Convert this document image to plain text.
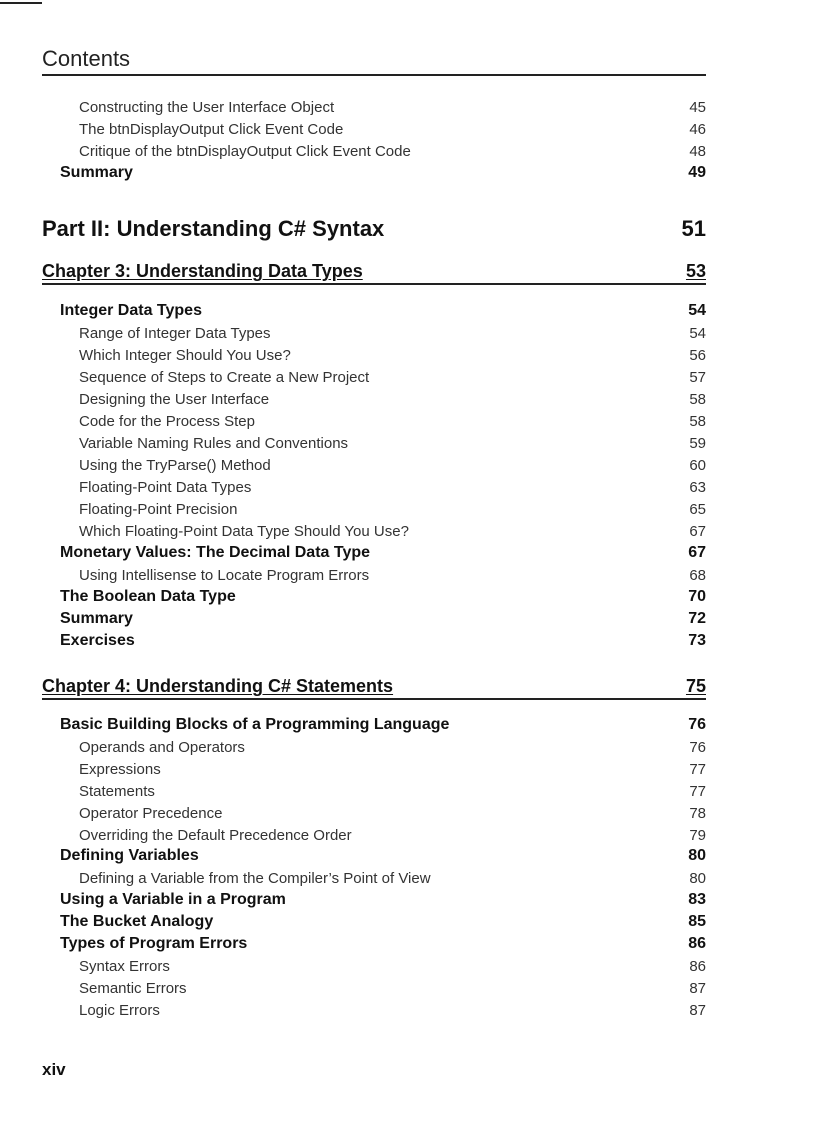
Contents
Constructing the User Interface Object	45
The btnDisplayOutput Click Event Code	46
Critique of the btnDisplayOutput Click Event Code	48
Summary	49
Part II: Understanding C# Syntax	51
Chapter 3: Understanding Data Types	53
Integer Data Types	54
Range of Integer Data Types	54
Which Integer Should You Use?	56
Sequence of Steps to Create a New Project	57
Designing the User Interface	58
Code for the Process Step	58
Variable Naming Rules and Conventions	59
Using the TryParse() Method	60
Floating-Point Data Types	63
Floating-Point Precision	65
Which Floating-Point Data Type Should You Use?	67
Monetary Values: The Decimal Data Type	67
Using Intellisense to Locate Program Errors	68
The Boolean Data Type	70
Summary	72
Exercises	73
Chapter 4: Understanding C# Statements	75
Basic Building Blocks of a Programming Language	76
Operands and Operators	76
Expressions	77
Statements	77
Operator Precedence	78
Overriding the Default Precedence Order	79
Defining Variables	80
Defining a Variable from the Compiler’s Point of View	80
Using a Variable in a Program	83
The Bucket Analogy	85
Types of Program Errors	86
Syntax Errors	86
Semantic Errors	87
Logic Errors	87
xiv
